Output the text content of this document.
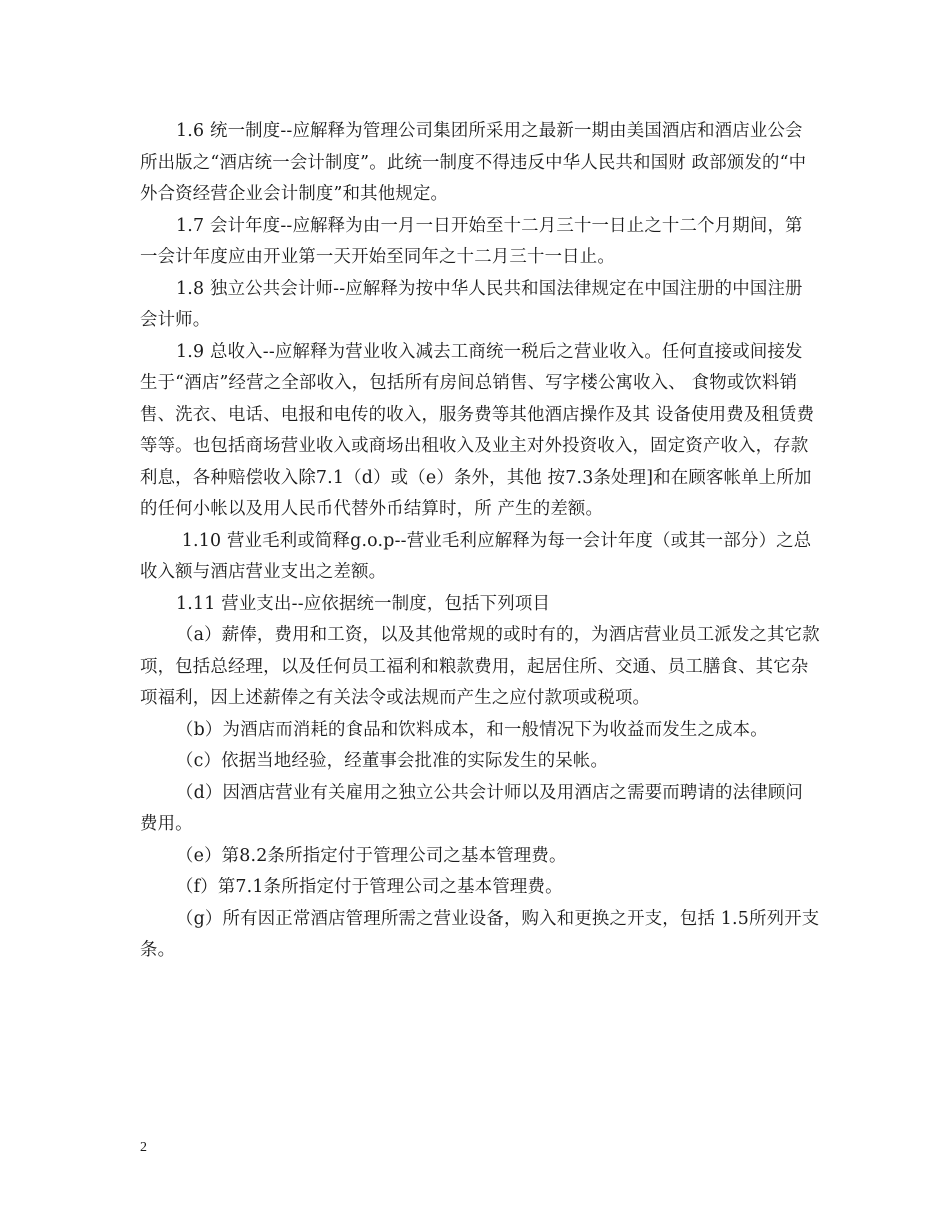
1.6 统一制度--应解释为管理公司集团所采用之最新一期由美国酒店和酒店业公会所出版之“酒店统一会计制度”。此统一制度不得违反中华人民共和国财 政部颁发的“中外合资经营企业会计制度”和其他规定。

1.7 会计年度--应解释为由一月一日开始至十二月三十一日止之十二个月期间，第一会计年度应由开业第一天开始至同年之十二月三十一日止。

1.8 独立公共会计师--应解释为按中华人民共和国法律规定在中国注册的中国注册会计师。

1.9 总收入--应解释为营业收入减去工商统一税后之营业收入。任何直接或间接发生于“酒店”经营之全部收入，包括所有房间总销售、写字楼公寓收入、 食物或饮料销售、洗衣、电话、电报和电传的收入，服务费等其他酒店操作及其 设备使用费及租赁费等等。也包括商场营业收入或商场出租收入及业主对外投资收入，固定资产收入，存款利息，各种赔偿收入除7.1（d）或（e）条外，其他 按7.3条处理]和在顾客帐单上所加的任何小帐以及用人民币代替外币结算时，所 产生的差额。

1.10 营业毛利或简释g.o.p--营业毛利应解释为每一会计年度（或其一部分）之总收入额与酒店营业支出之差额。

1.11 营业支出--应依据统一制度，包括下列项目

（a）薪俸，费用和工资，以及其他常规的或时有的，为酒店营业员工派发之其它款项，包括总经理，以及任何员工福利和粮款费用，起居住所、交通、员工膳食、其它杂项福利，因上述薪俸之有关法令或法规而产生之应付款项或税项。

（b）为酒店而消耗的食品和饮料成本，和一般情况下为收益而发生之成本。

（c）依据当地经验，经董事会批准的实际发生的呆帐。

（d）因酒店营业有关雇用之独立公共会计师以及用酒店之需要而聘请的法律顾问费用。

（e）第8.2条所指定付于管理公司之基本管理费。

（f）第7.1条所指定付于管理公司之基本管理费。

（g）所有因正常酒店管理所需之营业设备，购入和更换之开支，包括 1.5所列开支条。

2
